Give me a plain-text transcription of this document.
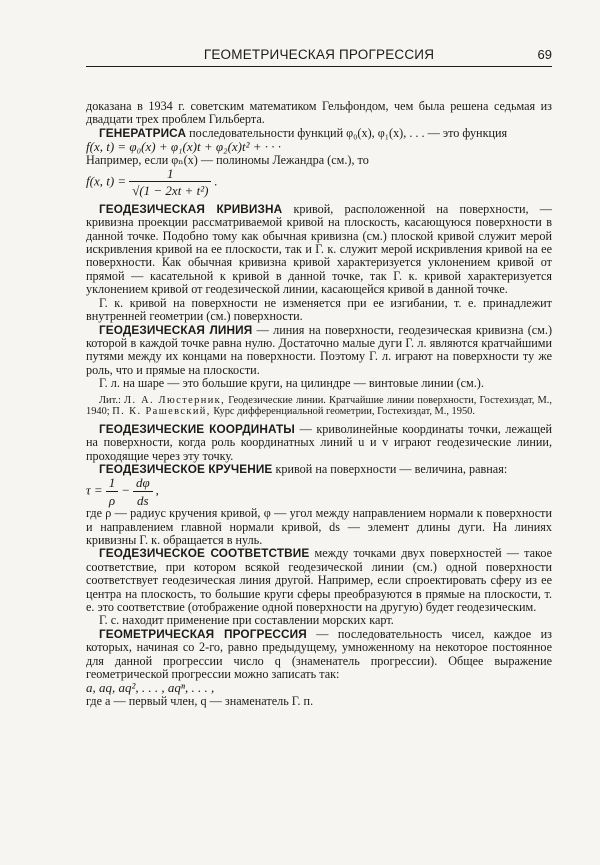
ГЕОМЕТРИЧЕСКАЯ ПРОГРЕССИЯ	69

доказана в 1934 г. советским математиком Гельфондом, чем была решена седьмая из двадцати трех проблем Гильберта.

ГЕНЕРАТРИСА последовательности функций φ₀(x), φ₁(x), . . . — это функция

f(x, t) = φ₀(x) + φ₁(x)t + φ₂(x)t² + · · ·

Например, если φₙ(x) — полиномы Лежандра (см.), то

f(x, $t) = \frac{1}{\text{√(1 − 2xt + t²)}}$ .

ГЕОДЕЗИЧЕСКАЯ КРИВИЗНА кривой, расположенной на поверхности, — кривизна проекции рассматриваемой кривой на плоскость, касающуюся поверхности в данной точке. Подобно тому как обычная кривизна (см.) плоской кривой служит мерой искривления кривой на ее плоскости, так и Г. к. служит мерой искривления кривой на ее поверхности. Как обычная кривизна кривой характеризуется уклонением кривой от прямой — касательной к кривой в данной точке, так Г. к. кривой характеризуется уклонением кривой от геодезической линии, касающейся кривой в данной точке.

Г. к. кривой на поверхности не изменяется при ее изгибании, т. е. принадлежит внутренней геометрии (см.) поверхности.

ГЕОДЕЗИЧЕСКАЯ ЛИНИЯ — линия на поверхности, геодезическая кривизна (см.) которой в каждой точке равна нулю. Достаточно малые дуги Г. л. являются кратчайшими путями между их концами на поверхности. Поэтому Г. л. играют на поверхности ту же роль, что и прямые на плоскости.

Г. л. на шаре — это большие круги, на цилиндре — винтовые линии (см.).

Лит.: Л. А. Люстерник, Геодезические линии. Кратчайшие линии поверхности, Гостехиздат, М., 1940; П. К. Рашевский, Курс дифференциальной геометрии, Гостехиздат, М., 1950.

ГЕОДЕЗИЧЕСКИЕ КООРДИНАТЫ — криволинейные координаты точки, лежащей на поверхности, когда роль координатных линий u и v играют геодезические линии, проходящие через эту точку.

ГЕОДЕЗИЧЕСКОЕ КРУЧЕНИЕ кривой на поверхности — величина, равная:

$\tau = \frac{1}{\rho} - \frac{d\varphi}{ds}$ ,

где ρ — радиус кручения кривой, φ — угол между направлением нормали к поверхности и направлением главной нормали кривой, ds — элемент длины дуги. На линиях кривизны Г. к. обращается в нуль.

ГЕОДЕЗИЧЕСКОЕ СООТВЕТСТВИЕ между точками двух поверхностей — такое соответствие, при котором всякой геодезической линии (см.) одной поверхности соответствует геодезическая линия другой. Например, если спроектировать сферу из ее центра на плоскость, то большие круги сферы преобразуются в прямые на плоскости, т. е. это соответствие (отображение одной поверхности на другую) будет геодезическим.

Г. с. находит применение при составлении морских карт.

ГЕОМЕТРИЧЕСКАЯ ПРОГРЕССИЯ — последовательность чисел, каждое из которых, начиная со 2-го, равно предыдущему, умноженному на некоторое постоянное для данной прогрессии число q (знаменатель прогрессии). Общее выражение геометрической прогрессии можно записать так:

a, aq, aq², . . . , aqⁿ, . . . ,

где a — первый член, q — знаменатель Г. п.
